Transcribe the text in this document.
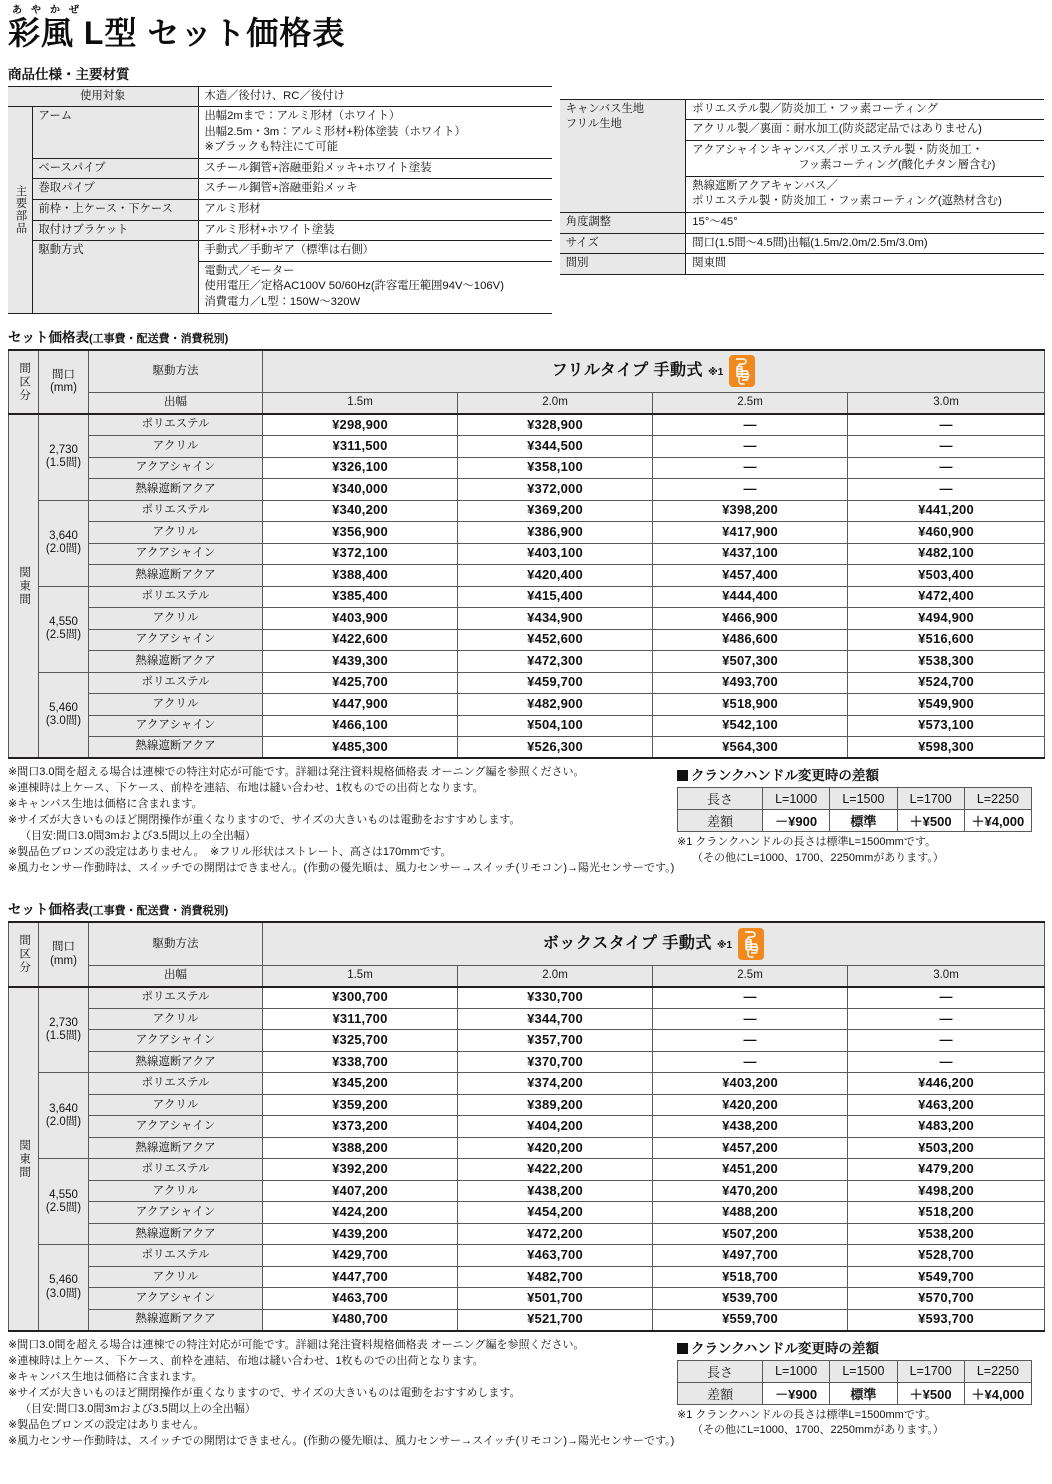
あやかぜ
彩風 L型 セット価格表
商品仕様・主要材質
使用対象		木造／後付け、RC／後付け
主要部品	アーム	出幅2mまで：アルミ形材（ホワイト）
出幅2.5m・3m：アルミ形材+粉体塗装（ホワイト）
※ブラックも特注にて可能

	ベースパイプ	スチール鋼管+溶融亜鉛メッキ+ホワイト塗装
	巻取パイプ	スチール鋼管+溶融亜鉛メッキ
	前枠・上ケース・下ケース	アルミ形材
	取付けブラケット	アルミ形材+ホワイト塗装
	駆動方式	手動式／手動ギア（標準は右側）

		電動式／モーター
使用電圧／定格AC100V 50/60Hz(許容電圧範囲94V～106V)
消費電力／L型：150W～320W
キャンバス生地
フリル生地	ポリエステル製／防炎加工・フッ素コーティング
	アクリル製／裏面：耐水加工(防炎認定品ではありません)

	アクアシャインキャンバス／ポリエステル製・防炎加工・
フッ素コーティング(酸化チタン層含む)

	熱線遮断アクアキャンバス／
ポリエステル製・防炎加工・フッ素コーティング(遮熱材含む)

角度調整	15°～45°
サイズ	間口(1.5間～4.5間)出幅(1.5m/2.0m/2.5m/3.0m)
間別	関東間
セット価格表(工事費・配送費・消費税別)
間区分	間口
(mm)	駆動方法	フリルタイプ 手動式 ※1			

		出幅	1.5m	2.0m	2.5m	3.0m
関東間	2,730
(1.5間)	ポリエステル	¥298,900	¥328,900	—	—
		アクリル	¥311,500	¥344,500	—	—
		アクアシャイン	¥326,100	¥358,100	—	—
		熱線遮断アクア	¥340,000	¥372,000	—	—
	3,640
(2.0間)	ポリエステル	¥340,200	¥369,200	¥398,200	¥441,200
		アクリル	¥356,900	¥386,900	¥417,900	¥460,900
		アクアシャイン	¥372,100	¥403,100	¥437,100	¥482,100
		熱線遮断アクア	¥388,400	¥420,400	¥457,400	¥503,400
	4,550
(2.5間)	ポリエステル	¥385,400	¥415,400	¥444,400	¥472,400
		アクリル	¥403,900	¥434,900	¥466,900	¥494,900
		アクアシャイン	¥422,600	¥452,600	¥486,600	¥516,600
		熱線遮断アクア	¥439,300	¥472,300	¥507,300	¥538,300
	5,460
(3.0間)	ポリエステル	¥425,700	¥459,700	¥493,700	¥524,700
		アクリル	¥447,900	¥482,900	¥518,900	¥549,900
		アクアシャイン	¥466,100	¥504,100	¥542,100	¥573,100
		熱線遮断アクア	¥485,300	¥526,300	¥564,300	¥598,300
※間口3.0間を超える場合は連棟での特注対応が可能です。詳細は発注資料規格価格表 オーニング編を参照ください。
※連棟時は上ケース、下ケース、前枠を連結、布地は縫い合わせ、1枚ものでの出荷となります。
※キャンバス生地は価格に含まれます。
※サイズが大きいものほど開閉操作が重くなりますので、サイズの大きいものは電動をおすすめします。
（目安:間口3.0間3mおよび3.5間以上の全出幅）
※製品色ブロンズの設定はありません。　※フリル形状はストレート、高さは170mmです。
※風力センサー作動時は、スイッチでの開閉はできません。(作動の優先順は、風力センサー→スイッチ(リモコン)→陽光センサーです。)
クランクハンドル変更時の差額
長さ	L=1000	L=1500	L=1700	L=2250
差額	－¥900	標準	＋¥500	＋¥4,000
※1 クランクハンドルの長さは標準L=1500mmです。
（その他にL=1000、1700、2250mmがあります。）
セット価格表(工事費・配送費・消費税別)
間区分	間口
(mm)	駆動方法	ボックスタイプ 手動式 ※1			

		出幅	1.5m	2.0m	2.5m	3.0m
関東間	2,730
(1.5間)	ポリエステル	¥300,700	¥330,700	—	—
		アクリル	¥311,700	¥344,700	—	—
		アクアシャイン	¥325,700	¥357,700	—	—
		熱線遮断アクア	¥338,700	¥370,700	—	—
	3,640
(2.0間)	ポリエステル	¥345,200	¥374,200	¥403,200	¥446,200
		アクリル	¥359,200	¥389,200	¥420,200	¥463,200
		アクアシャイン	¥373,200	¥404,200	¥438,200	¥483,200
		熱線遮断アクア	¥388,200	¥420,200	¥457,200	¥503,200
	4,550
(2.5間)	ポリエステル	¥392,200	¥422,200	¥451,200	¥479,200
		アクリル	¥407,200	¥438,200	¥470,200	¥498,200
		アクアシャイン	¥424,200	¥454,200	¥488,200	¥518,200
		熱線遮断アクア	¥439,200	¥472,200	¥507,200	¥538,200
	5,460
(3.0間)	ポリエステル	¥429,700	¥463,700	¥497,700	¥528,700
		アクリル	¥447,700	¥482,700	¥518,700	¥549,700
		アクアシャイン	¥463,700	¥501,700	¥539,700	¥570,700
		熱線遮断アクア	¥480,700	¥521,700	¥559,700	¥593,700
※間口3.0間を超える場合は連棟での特注対応が可能です。詳細は発注資料規格価格表 オーニング編を参照ください。
※連棟時は上ケース、下ケース、前枠を連結、布地は縫い合わせ、1枚ものでの出荷となります。
※キャンバス生地は価格に含まれます。
※サイズが大きいものほど開閉操作が重くなりますので、サイズの大きいものは電動をおすすめします。
（目安:間口3.0間3mおよび3.5間以上の全出幅）
※製品色ブロンズの設定はありません。
※風力センサー作動時は、スイッチでの開閉はできません。(作動の優先順は、風力センサー→スイッチ(リモコン)→陽光センサーです。)
クランクハンドル変更時の差額
長さ	L=1000	L=1500	L=1700	L=2250
差額	－¥900	標準	＋¥500	＋¥4,000
※1 クランクハンドルの長さは標準L=1500mmです。
（その他にL=1000、1700、2250mmがあります。）
